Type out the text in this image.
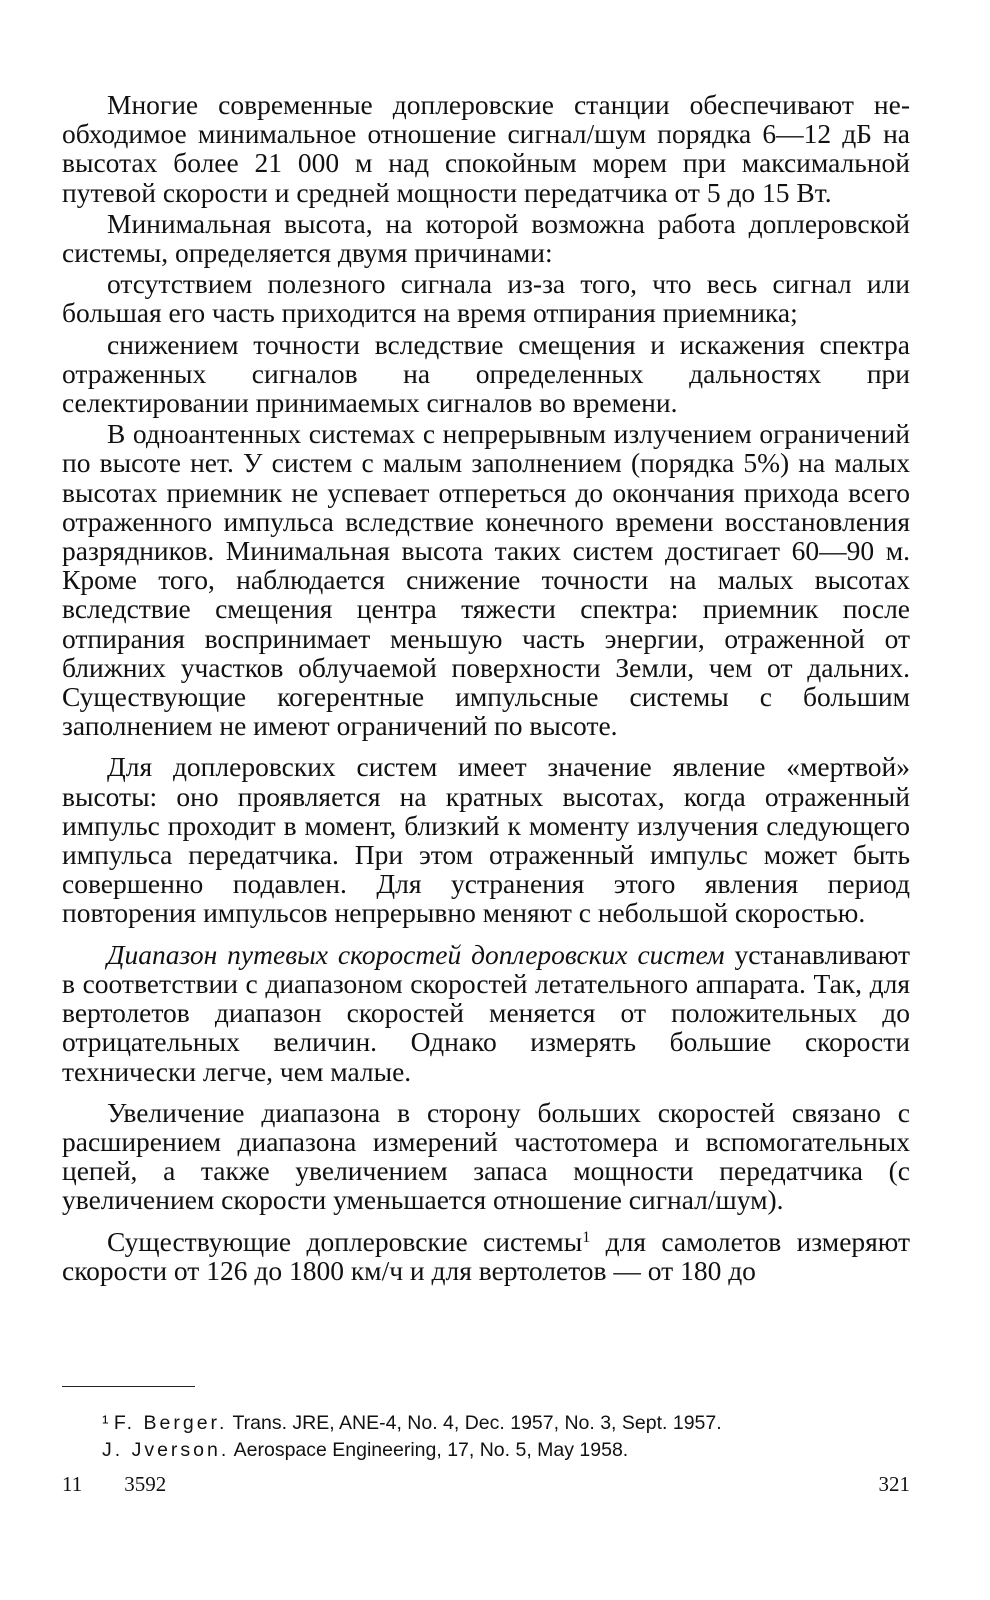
Многие современные доплеровские станции обеспечивают необходимое минимальное отношение сигнал/шум порядка 6—12 дБ на высотах более 21 000 м над спокойным морем при максимальной путевой скорости и средней мощности передатчика от 5 до 15 Вт.

Минимальная высота, на которой возможна работа доплеровской системы, определяется двумя причинами:

отсутствием полезного сигнала из-за того, что весь сигнал или большая его часть приходится на время отпирания приемника;

снижением точности вследствие смещения и искажения спектра отраженных сигналов на определенных дальностях при селектировании принимаемых сигналов во времени.

В одноантенных системах с непрерывным излучением ограничений по высоте нет. У систем с малым заполнением (порядка 5%) на малых высотах приемник не успевает отпереться до окончания прихода всего отраженного импульса вследствие конечного времени восстановления разрядников. Минимальная высота таких систем достигает 60—90 м. Кроме того, наблюдается снижение точности на малых высотах вследствие смещения центра тяжести спектра: приемник после отпирания воспринимает меньшую часть энергии, отраженной от ближних участков облучаемой поверхности Земли, чем от дальних. Существующие когерентные импульсные системы с большим заполнением не имеют ограничений по высоте.

Для доплеровских систем имеет значение явление «мертвой» высоты: оно проявляется на кратных высотах, когда отраженный импульс проходит в момент, близкий к моменту излучения следующего импульса передатчика. При этом отраженный импульс может быть совершенно подавлен. Для устранения этого явления период повторения импульсов непрерывно меняют с небольшой скоростью.

Диапазон путевых скоростей доплеровских систем устанавливают в соответствии с диапазоном скоростей летательного аппарата. Так, для вертолетов диапазон скоростей меняется от положительных до отрицательных величин. Однако измерять большие скорости технически легче, чем малые.

Увеличение диапазона в сторону больших скоростей связано с расширением диапазона измерений частотомера и вспомогательных цепей, а также увеличением запаса мощности передатчика (с увеличением скорости уменьшается отношение сигнал/шум).

Существующие доплеровские системы$^1$ для самолетов измеряют скорости от 126 до 1800 км/ч и для вертолетов — от 180 до

¹ F. Berger. Trans. JRE, ANE-4, No. 4, Dec. 1957, No. 3, Sept. 1957.

J. Jverson. Aerospace Engineering, 17, No. 5, May 1958.

11 3592	321
